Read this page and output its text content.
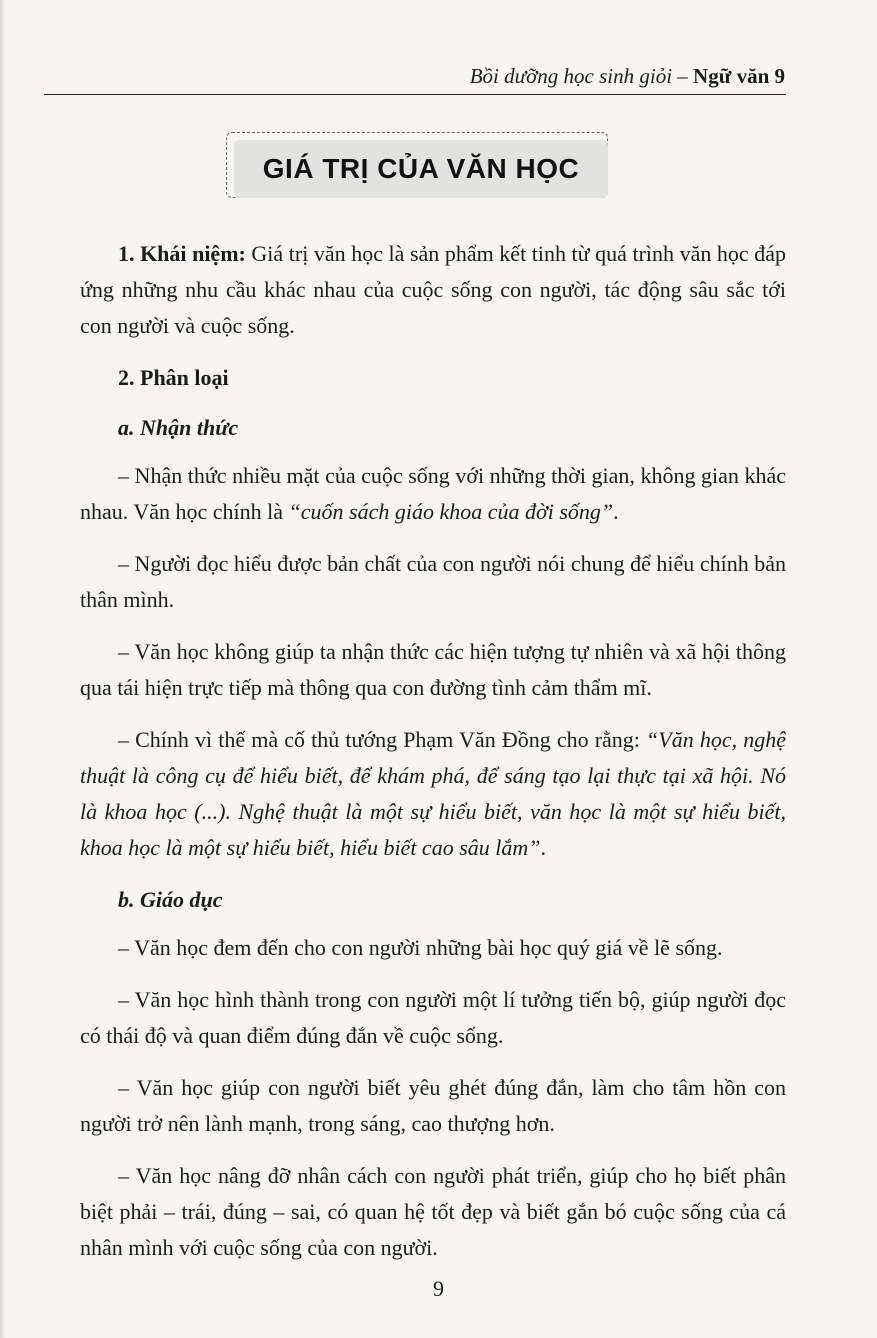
Bồi dưỡng học sinh giỏi – Ngữ văn 9
GIÁ TRỊ CỦA VĂN HỌC

1. Khái niệm: Giá trị văn học là sản phẩm kết tinh từ quá trình văn học đáp ứng những nhu cầu khác nhau của cuộc sống con người, tác động sâu sắc tới con người và cuộc sống.

2. Phân loại

a. Nhận thức

– Nhận thức nhiều mặt của cuộc sống với những thời gian, không gian khác nhau. Văn học chính là “cuốn sách giáo khoa của đời sống”.

– Người đọc hiểu được bản chất của con người nói chung để hiểu chính bản thân mình.

– Văn học không giúp ta nhận thức các hiện tượng tự nhiên và xã hội thông qua tái hiện trực tiếp mà thông qua con đường tình cảm thẩm mĩ.

– Chính vì thế mà cố thủ tướng Phạm Văn Đồng cho rằng: “Văn học, nghệ thuật là công cụ để hiểu biết, để khám phá, để sáng tạo lại thực tại xã hội. Nó là khoa học (...). Nghệ thuật là một sự hiểu biết, văn học là một sự hiểu biết, khoa học là một sự hiểu biết, hiểu biết cao sâu lắm”.

b. Giáo dục

– Văn học đem đến cho con người những bài học quý giá về lẽ sống.

– Văn học hình thành trong con người một lí tưởng tiến bộ, giúp người đọc có thái độ và quan điểm đúng đắn về cuộc sống.

– Văn học giúp con người biết yêu ghét đúng đắn, làm cho tâm hồn con người trở nên lành mạnh, trong sáng, cao thượng hơn.

– Văn học nâng đỡ nhân cách con người phát triển, giúp cho họ biết phân biệt phải – trái, đúng – sai, có quan hệ tốt đẹp và biết gắn bó cuộc sống của cá nhân mình với cuộc sống của con người.

9
